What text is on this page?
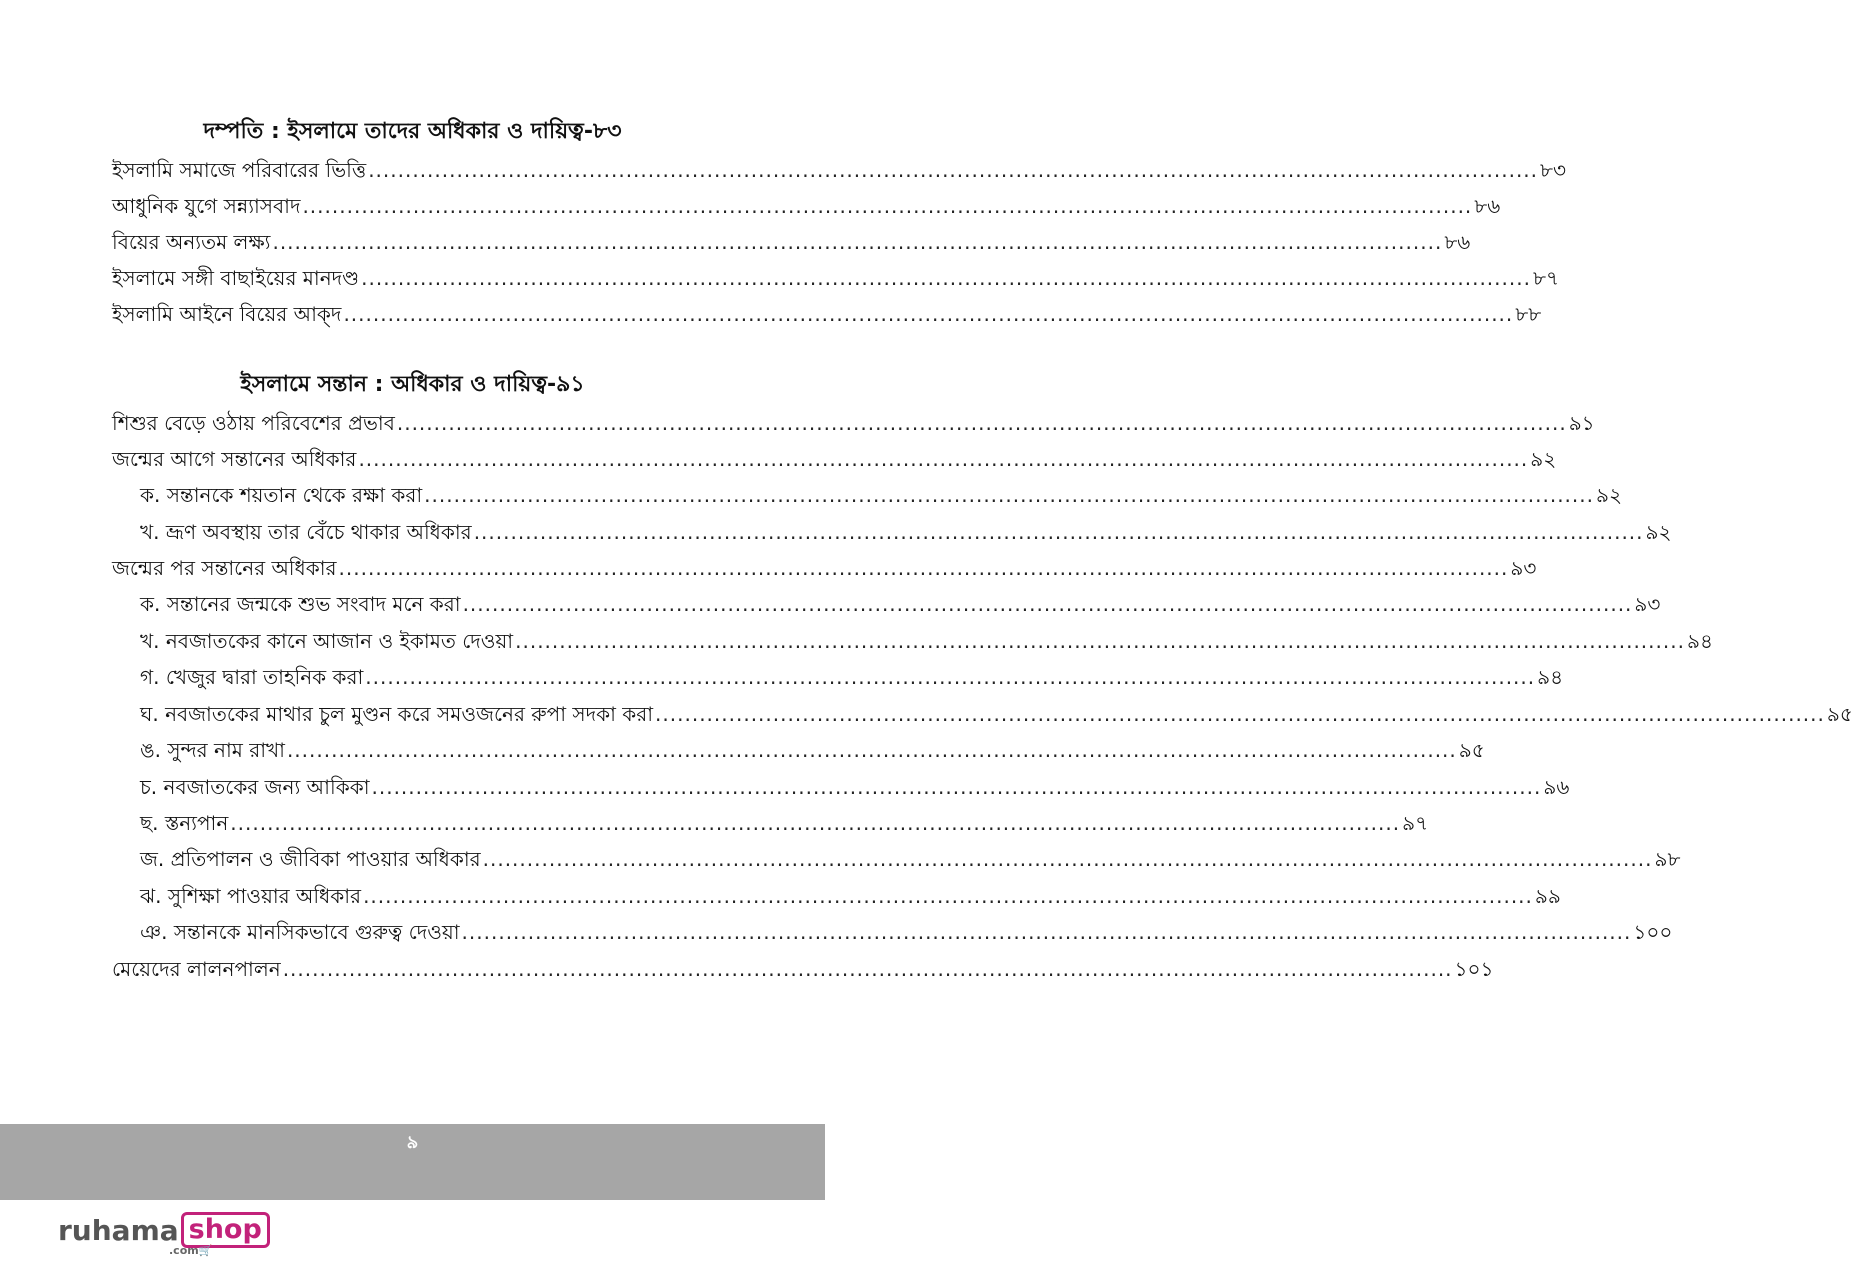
দম্পতি : ইসলামে তাদের অধিকার ও দায়িত্ব-৮৩
ইসলামি সমাজে পরিবারের ভিত্তি .....	৮৩
আধুনিক যুগে সন্ন্যাসবাদ .....	৮৬
বিয়ের অন্যতম লক্ষ্য .....	৮৬
ইসলামে সঙ্গী বাছাইয়ের মানদণ্ড .....	৮৭
ইসলামি আইনে বিয়ের আক্‌দ .....	৮৮
ইসলামে সন্তান : অধিকার ও দায়িত্ব-৯১
শিশুর বেড়ে ওঠায় পরিবেশের প্রভাব .....	৯১
জন্মের আগে সন্তানের অধিকার .....	৯২
ক. সন্তানকে শয়তান থেকে রক্ষা করা .....	৯২
খ. ভ্রূণ অবস্থায় তার বেঁচে থাকার অধিকার .....	৯২
জন্মের পর সন্তানের অধিকার .....	৯৩
ক. সন্তানের জন্মকে শুভ সংবাদ মনে করা .....	৯৩
খ. নবজাতকের কানে আজান ও ইকামত দেওয়া .....	৯৪
গ. খেজুর দ্বারা তাহনিক করা .....	৯৪
ঘ. নবজাতকের মাথার চুল মুণ্ডন করে সমওজনের রুপা সদকা করা .....	৯৫
ঙ. সুন্দর নাম রাখা .....	৯৫
চ. নবজাতকের জন্য আকিকা .....	৯৬
ছ. স্তন্যপান .....	৯৭
জ. প্রতিপালন ও জীবিকা পাওয়ার অধিকার .....	৯৮
ঝ. সুশিক্ষা পাওয়ার অধিকার .....	৯৯
ঞ. সন্তানকে মানসিকভাবে গুরুত্ব দেওয়া .....	১০০
মেয়েদের লালনপালন .....	১০১
৯
ruhama shop
.com🛒
